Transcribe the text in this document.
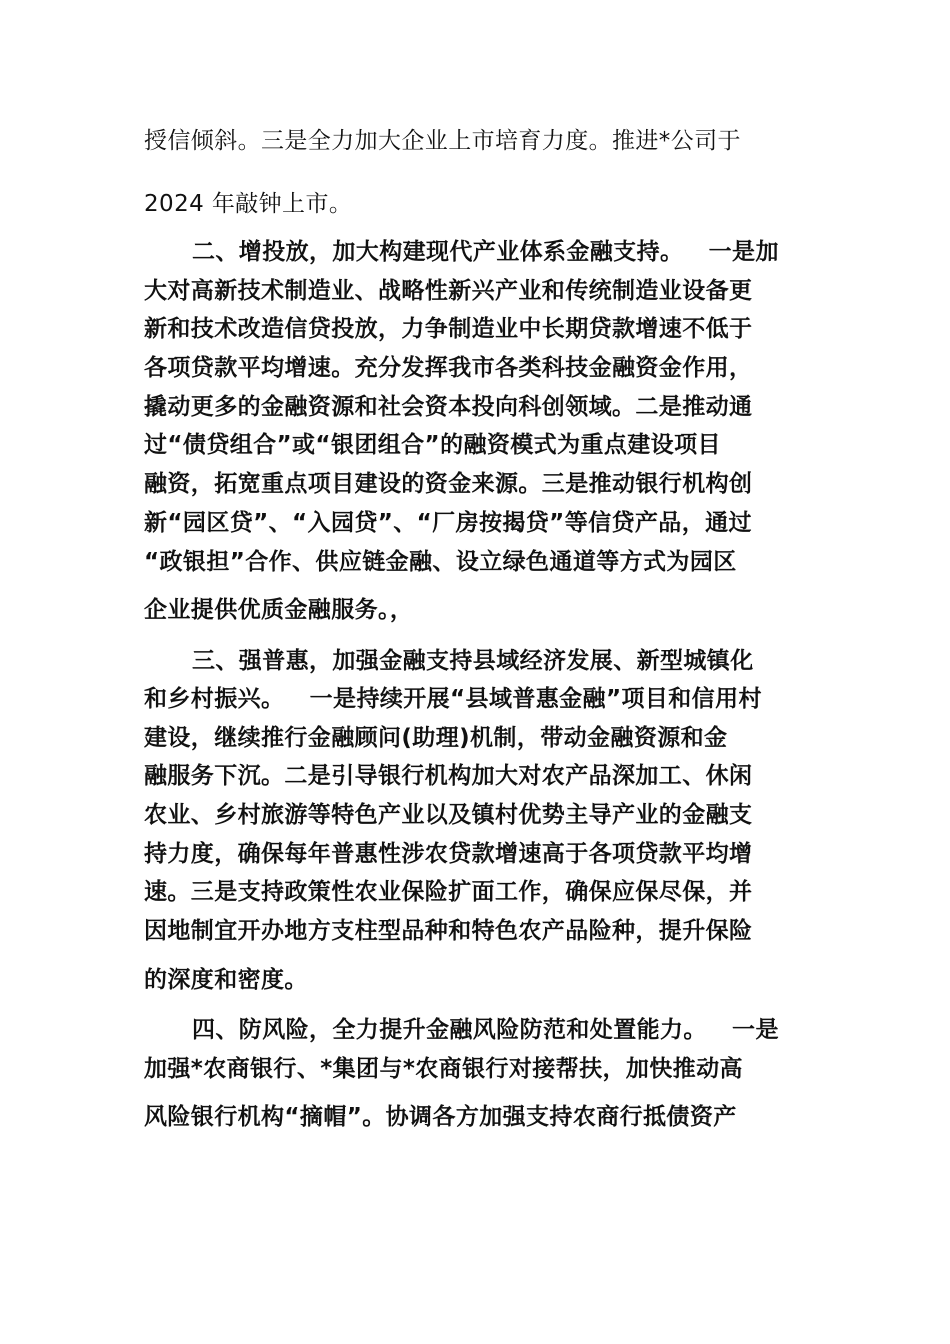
授信倾斜。三是全力加大企业上市培育力度。推进*公司于
2024 年敲钟上市。
二、增投放，加大构建现代产业体系金融支持。 一是加
大对高新技术制造业、战略性新兴产业和传统制造业设备更
新和技术改造信贷投放，力争制造业中长期贷款增速不低于
各项贷款平均增速。充分发挥我市各类科技金融资金作用，
撬动更多的金融资源和社会资本投向科创领域。二是推动通
过“债贷组合”或“银团组合”的融资模式为重点建设项目
融资，拓宽重点项目建设的资金来源。三是推动银行机构创
新“园区贷”、“入园贷”、“厂房按揭贷”等信贷产品，通过
“政银担”合作、供应链金融、设立绿色通道等方式为园区
企业提供优质金融服务。，
三、强普惠，加强金融支持县域经济发展、新型城镇化
和乡村振兴。 一是持续开展“县域普惠金融”项目和信用村
建设，继续推行金融顾问(助理)机制，带动金融资源和金
融服务下沉。二是引导银行机构加大对农产品深加工、休闲
农业、乡村旅游等特色产业以及镇村优势主导产业的金融支
持力度，确保每年普惠性涉农贷款增速高于各项贷款平均增
速。三是支持政策性农业保险扩面工作，确保应保尽保，并
因地制宜开办地方支柱型品种和特色农产品险种，提升保险
的深度和密度。
四、防风险，全力提升金融风险防范和处置能力。 一是
加强*农商银行、*集团与*农商银行对接帮扶，加快推动高
风险银行机构“摘帽”。协调各方加强支持农商行抵债资产
